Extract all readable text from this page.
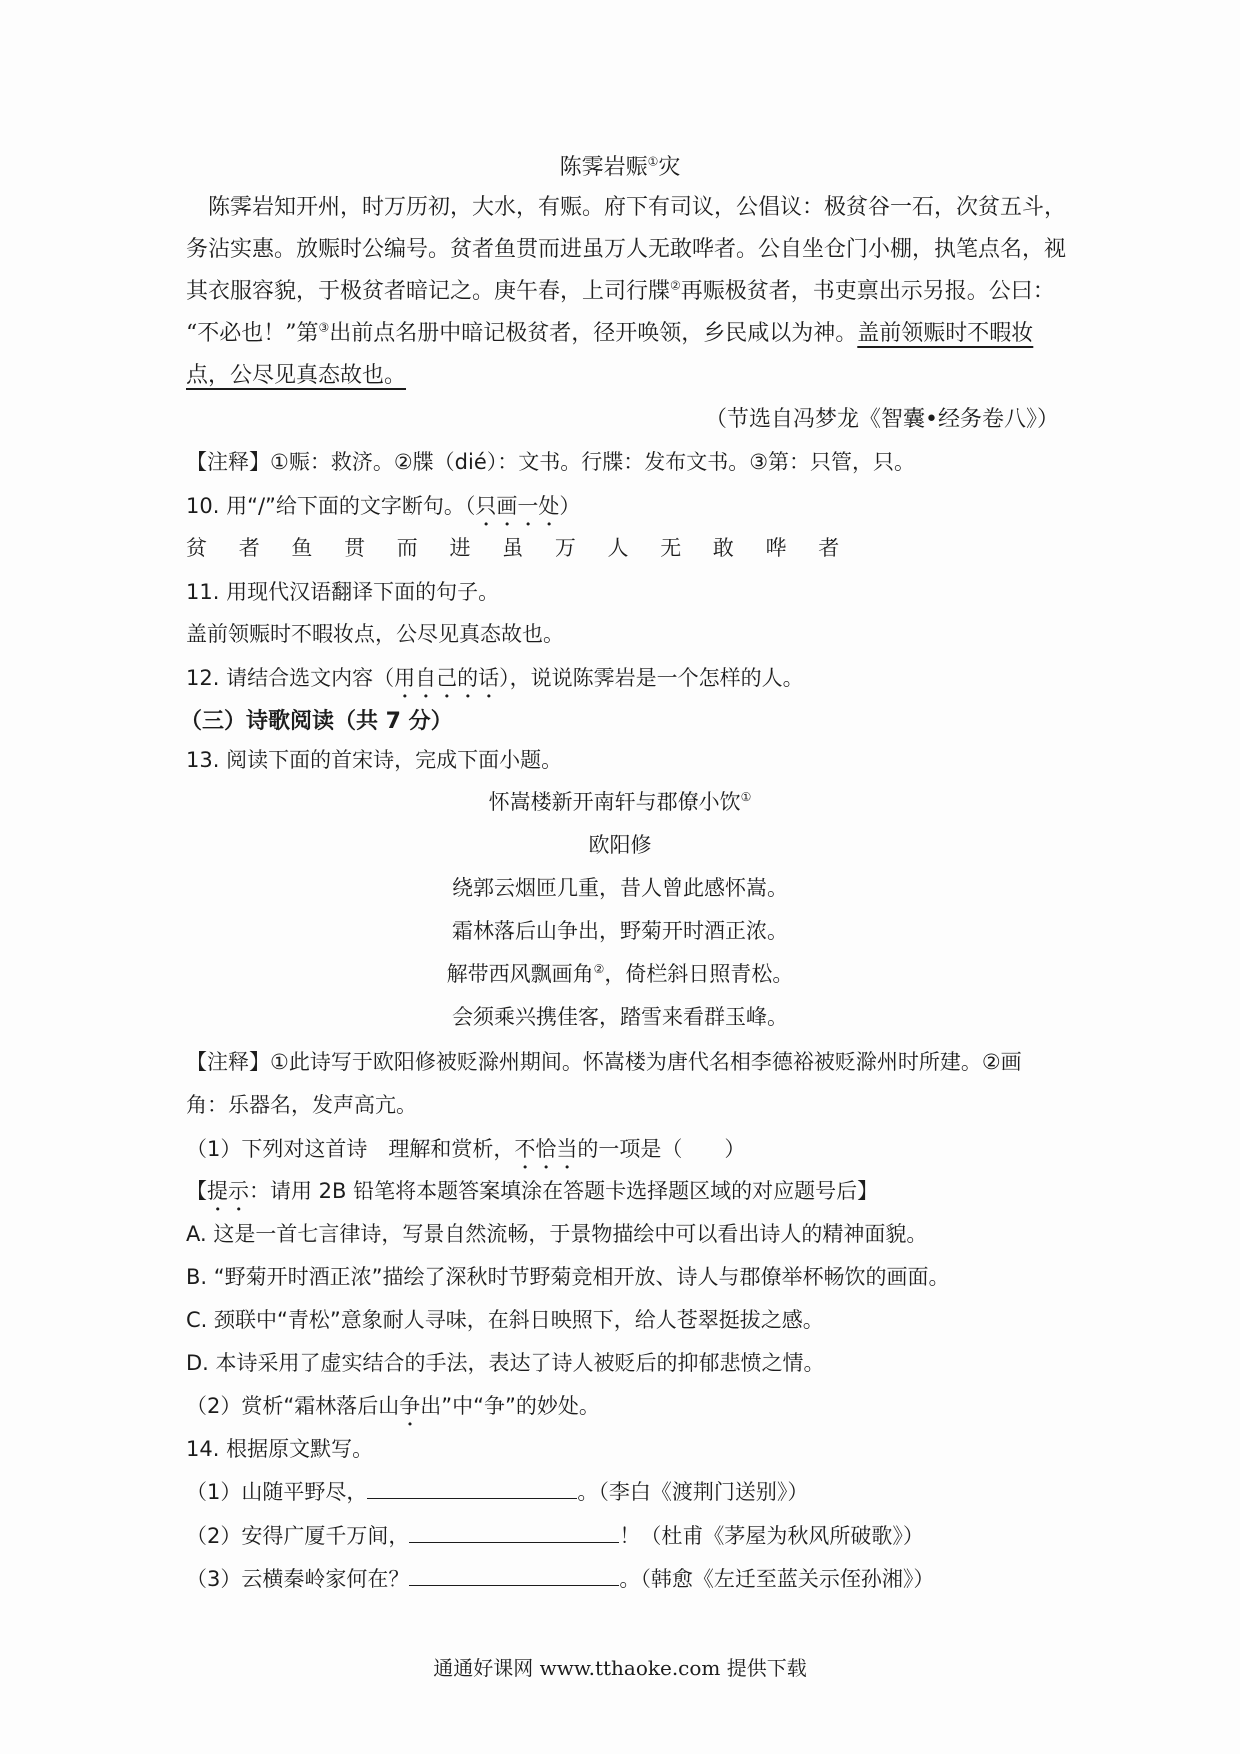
陈霁岩赈①灾
陈霁岩知开州，时万历初，大水，有赈。府下有司议，公倡议：极贫谷一石，次贫五斗，
务沾实惠。放赈时公编号。贫者鱼贯而进虽万人无敢哗者。公自坐仓门小棚，执笔点名，视
其衣服容貌，于极贫者暗记之。庚午春，上司行牒②再赈极贫者，书吏禀出示另报。公曰：
“不必也！”第③出前点名册中暗记极贫者，径开唤领，乡民咸以为神。盖前领赈时不暇妆
点，公尽见真态故也。
（节选自冯梦龙《智囊•经务卷八》）
【注释】①赈：救济。②牒（dié）：文书。行牒：发布文书。③第：只管，只。
10. 用“/”给下面的文字断句。（只画一处）
贫 者 鱼 贯 而 进 虽 万 人 无 敢 哗 者
11. 用现代汉语翻译下面的句子。
盖前领赈时不暇妆点，公尽见真态故也。
12. 请结合选文内容（用自己的话），说说陈霁岩是一个怎样的人。
（三）诗歌阅读（共 7 分）
13. 阅读下面的首宋诗，完成下面小题。
怀嵩楼新开南轩与郡僚小饮①
欧阳修
绕郭云烟匝几重，昔人曾此感怀嵩。
霜林落后山争出，野菊开时酒正浓。
解带西风飘画角②，倚栏斜日照青松。
会须乘兴携佳客，踏雪来看群玉峰。
【注释】①此诗写于欧阳修被贬滁州期间。怀嵩楼为唐代名相李德裕被贬滁州时所建。②画
角：乐器名，发声高亢。
（1）下列对这首诗　理解和赏析，不恰当的一项是（　　）
【提示：请用 2B 铅笔将本题答案填涂在答题卡选择题区域的对应题号后】
A. 这是一首七言律诗，写景自然流畅，于景物描绘中可以看出诗人的精神面貌。
B. “野菊开时酒正浓”描绘了深秋时节野菊竞相开放、诗人与郡僚举杯畅饮的画面。
C. 颈联中“青松”意象耐人寻味，在斜日映照下，给人苍翠挺拔之感。
D. 本诗采用了虚实结合的手法，表达了诗人被贬后的抑郁悲愤之情。
（2）赏析“霜林落后山争出”中“争”的妙处。
14. 根据原文默写。
（1）山随平野尽，	。（李白《渡荆门送别》）
（2）安得广厦千万间，	！（杜甫《茅屋为秋风所破歌》）
（3）云横秦岭家何在？	。（韩愈《左迁至蓝关示侄孙湘》）
通通好课网 www.tthaoke.com 提供下载
